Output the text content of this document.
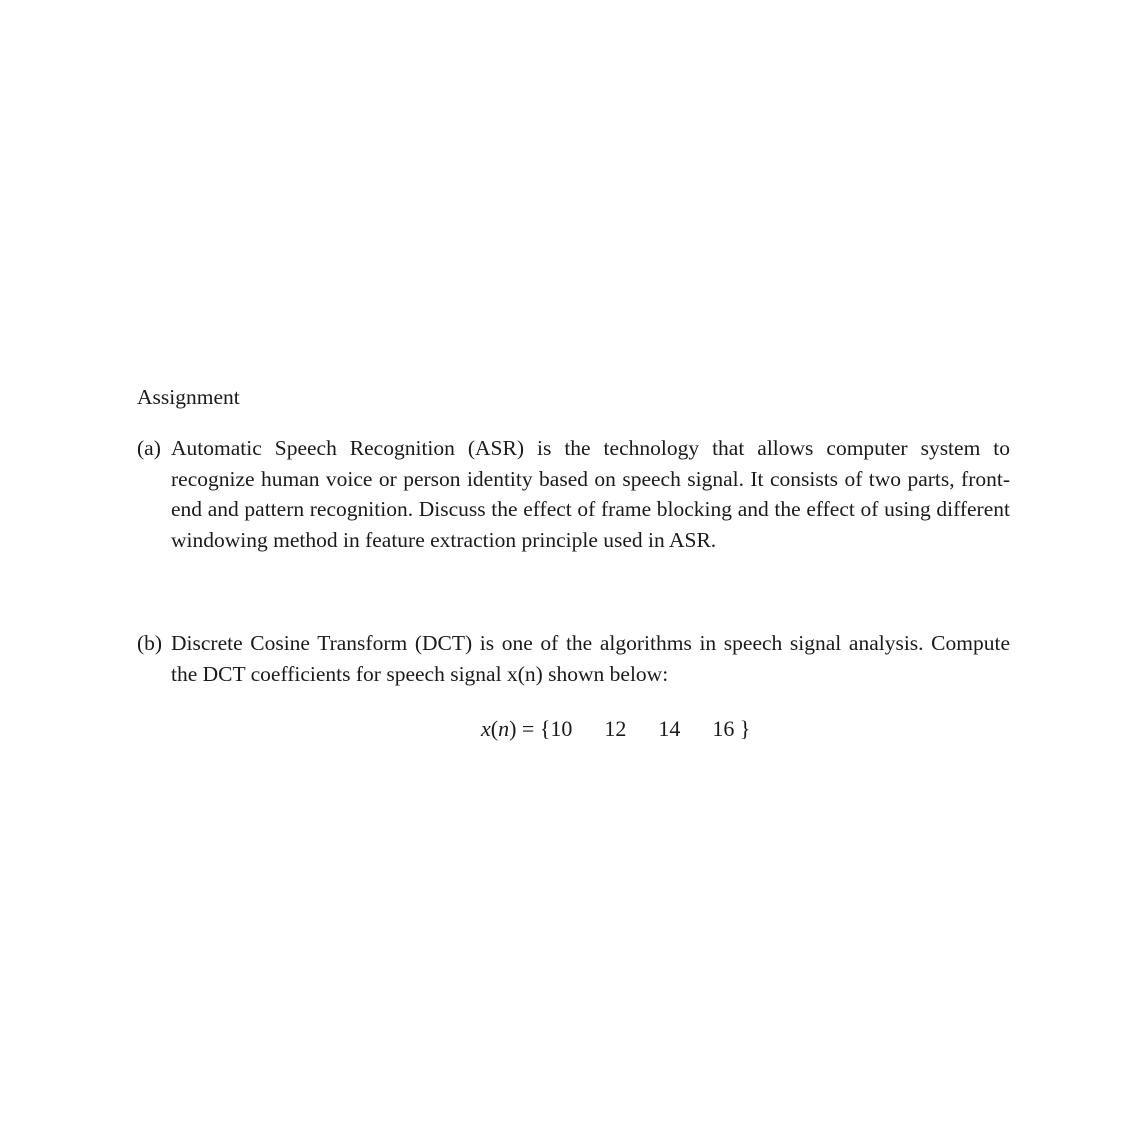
Assignment
(a) Automatic Speech Recognition (ASR) is the technology that allows computer system to recognize human voice or person identity based on speech signal. It consists of two parts, front-end and pattern recognition. Discuss the effect of frame blocking and the effect of using different windowing method in feature extraction principle used in ASR.
(b) Discrete Cosine Transform (DCT) is one of the algorithms in speech signal analysis. Compute the DCT coefficients for speech signal x(n) shown below:
x(n) = {10 12 14 16 }
